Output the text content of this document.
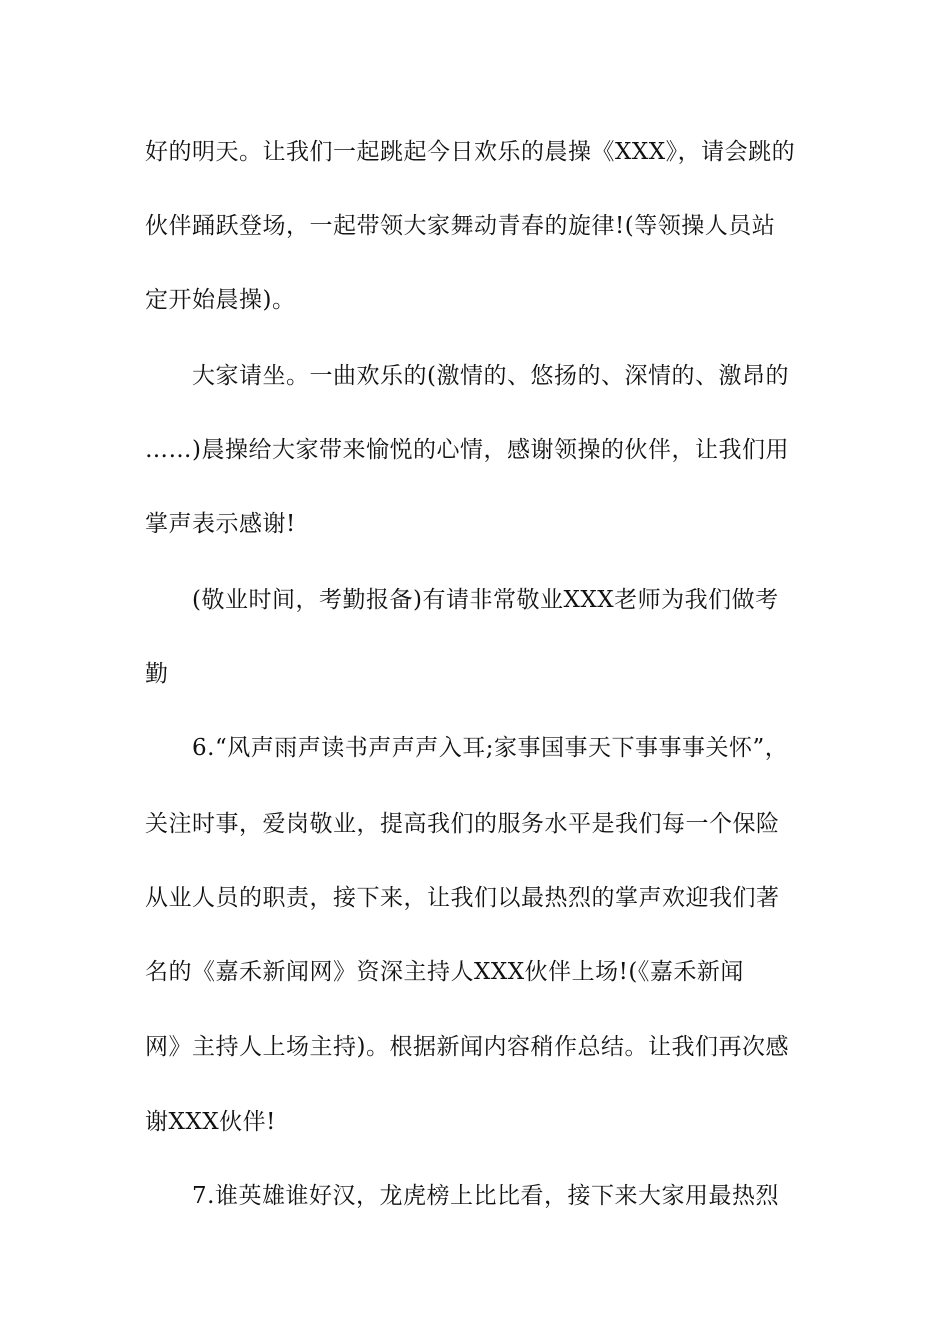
好的明天。让我们一起跳起今日欢乐的晨操《XXX》，请会跳的
伙伴踊跃登场，一起带领大家舞动青春的旋律!(等领操人员站
定开始晨操)。
大家请坐。一曲欢乐的(激情的、悠扬的、深情的、激昂的
……)晨操给大家带来愉悦的心情，感谢领操的伙伴，让我们用
掌声表示感谢!
(敬业时间，考勤报备)有请非常敬业XXX老师为我们做考
勤
6.“风声雨声读书声声声入耳;家事国事天下事事事关怀”，
关注时事，爱岗敬业，提高我们的服务水平是我们每一个保险
从业人员的职责，接下来，让我们以最热烈的掌声欢迎我们著
名的《嘉禾新闻网》资深主持人XXX伙伴上场!(《嘉禾新闻
网》主持人上场主持)。根据新闻内容稍作总结。让我们再次感
谢XXX伙伴!
7.谁英雄谁好汉，龙虎榜上比比看，接下来大家用最热烈
